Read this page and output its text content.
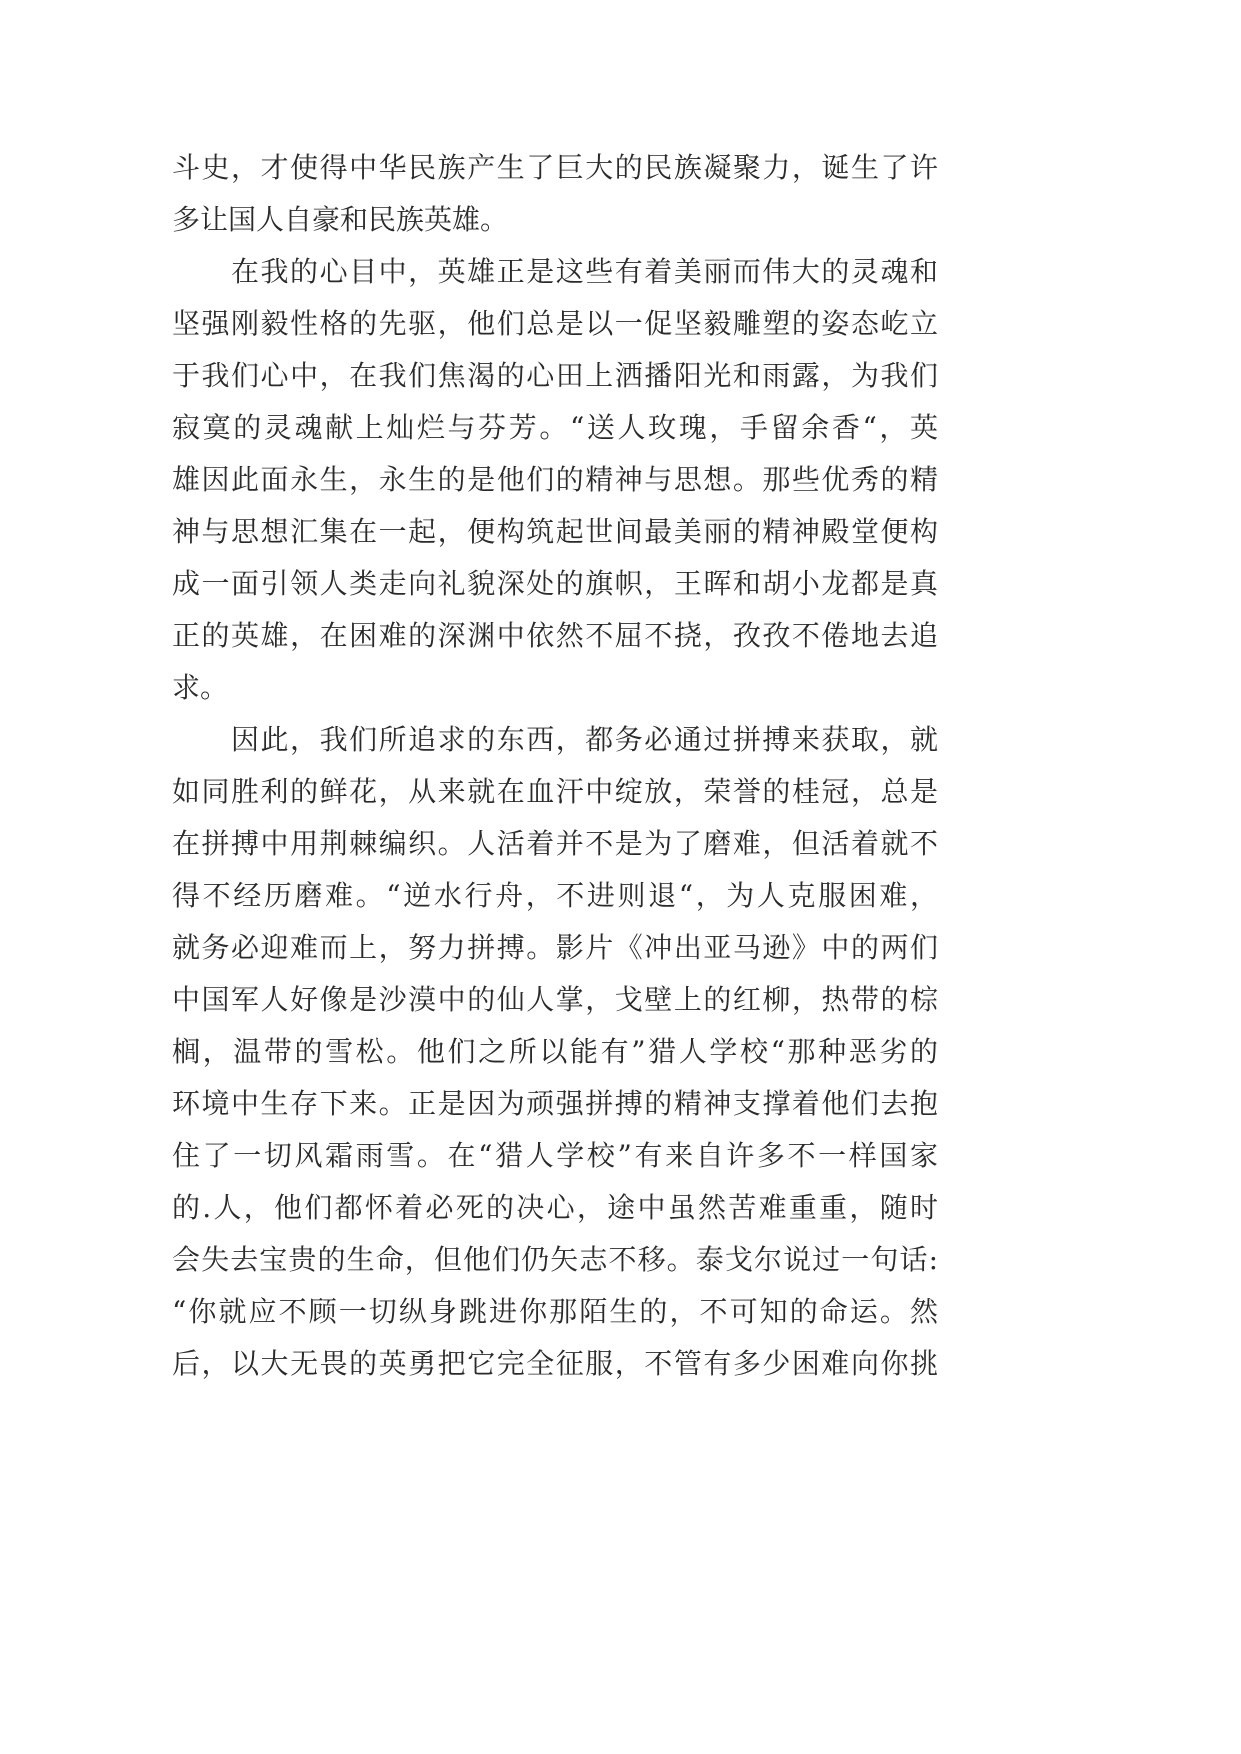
斗史，才使得中华民族产生了巨大的民族凝聚力，诞生了许
多让国人自豪和民族英雄。
在我的心目中，英雄正是这些有着美丽而伟大的灵魂和
坚强刚毅性格的先驱，他们总是以一促坚毅雕塑的姿态屹立
于我们心中，在我们焦渴的心田上洒播阳光和雨露，为我们
寂寞的灵魂献上灿烂与芬芳。“送人玫瑰，手留余香“，英
雄因此面永生，永生的是他们的精神与思想。那些优秀的精
神与思想汇集在一起，便构筑起世间最美丽的精神殿堂便构
成一面引领人类走向礼貌深处的旗帜，王晖和胡小龙都是真
正的英雄，在困难的深渊中依然不屈不挠，孜孜不倦地去追
求。
因此，我们所追求的东西，都务必通过拼搏来获取，就
如同胜利的鲜花，从来就在血汗中绽放，荣誉的桂冠，总是
在拼搏中用荆棘编织。人活着并不是为了磨难，但活着就不
得不经历磨难。“逆水行舟，不进则退“，为人克服困难，
就务必迎难而上，努力拼搏。影片《冲出亚马逊》中的两们
中国军人好像是沙漠中的仙人掌，戈壁上的红柳，热带的棕
榈，温带的雪松。他们之所以能有”猎人学校“那种恶劣的
环境中生存下来。正是因为顽强拼搏的精神支撑着他们去抱
住了一切风霜雨雪。在“猎人学校”有来自许多不一样国家
的.人，他们都怀着必死的决心，途中虽然苦难重重，随时
会失去宝贵的生命，但他们仍矢志不移。泰戈尔说过一句话:
“你就应不顾一切纵身跳进你那陌生的，不可知的命运。然
后，以大无畏的英勇把它完全征服，不管有多少困难向你挑
